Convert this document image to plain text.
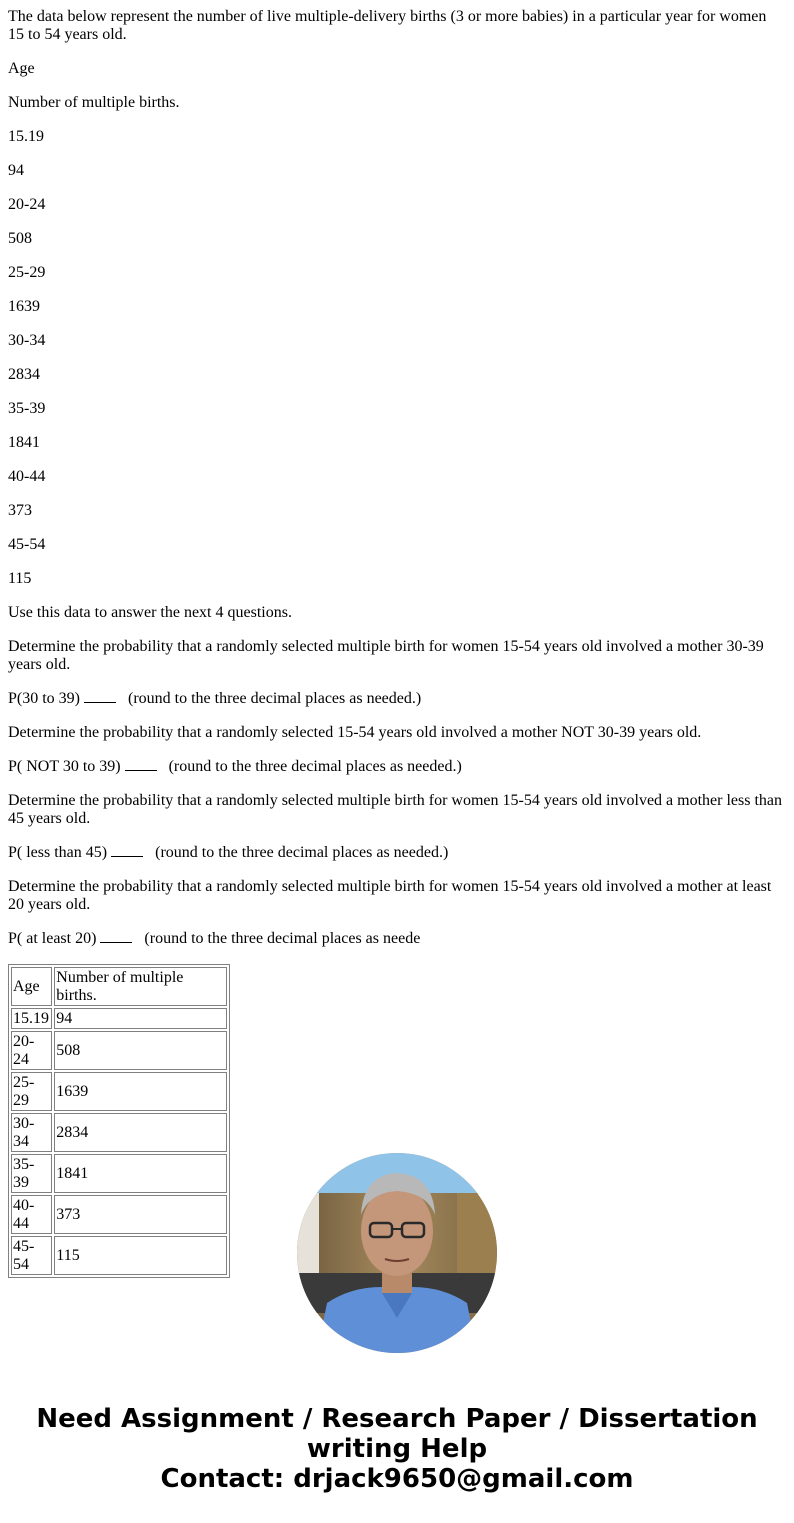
The data below represent the number of live multiple-delivery births (3 or more babies) in a particular year for women 15 to 54 years old.

Age

Number of multiple births.

15.19

94

20-24

508

25-29

1639

30-34

2834

35-39

1841

40-44

373

45-54

115

Use this data to answer the next 4 questions.

Determine the probability that a randomly selected multiple birth for women 15-54 years old involved a mother 30-39 years old.

P(30 to 39)	(round to the three decimal places as needed.)

Determine the probability that a randomly selected 15-54 years old involved a mother NOT 30-39 years old.

P( NOT 30 to 39)	(round to the three decimal places as needed.)

Determine the probability that a randomly selected multiple birth for women 15-54 years old involved a mother less than 45 years old.

P( less than 45)	(round to the three decimal places as needed.)

Determine the probability that a randomly selected multiple birth for women 15-54 years old involved a mother at least 20 years old.

P( at least 20)	(round to the three decimal places as neede

Age	Number of multiple births.
15.19	94
20-24	508
25-29	1639
30-34	2834
35-39	1841
40-44	373
45-54	115
Need Assignment / Research Paper / Dissertation
writing Help
Contact: drjack9650@gmail.com
